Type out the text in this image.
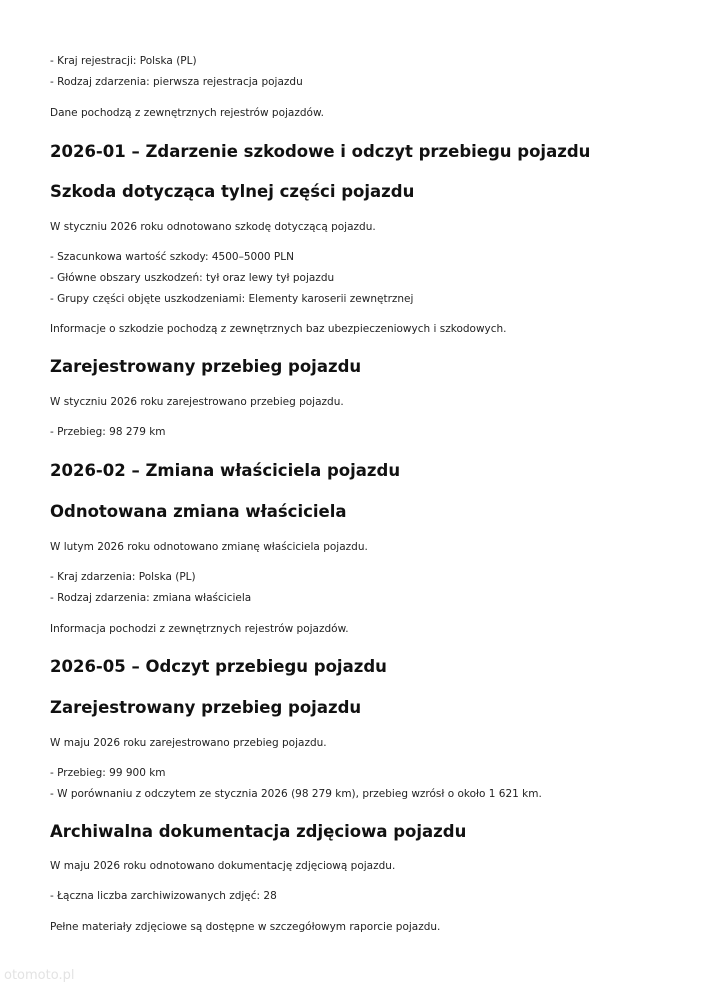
- Kraj rejestracji: Polska (PL)

- Rodzaj zdarzenia: pierwsza rejestracja pojazdu

Dane pochodzą z zewnętrznych rejestrów pojazdów.

2026-01 – Zdarzenie szkodowe i odczyt przebiegu pojazdu
Szkoda dotycząca tylnej części pojazdu

W styczniu 2026 roku odnotowano szkodę dotyczącą pojazdu.

- Szacunkowa wartość szkody: 4500–5000 PLN

- Główne obszary uszkodzeń: tył oraz lewy tył pojazdu

- Grupy części objęte uszkodzeniami: Elementy karoserii zewnętrznej

Informacje o szkodzie pochodzą z zewnętrznych baz ubezpieczeniowych i szkodowych.

Zarejestrowany przebieg pojazdu

W styczniu 2026 roku zarejestrowano przebieg pojazdu.

- Przebieg: 98 279 km

2026-02 – Zmiana właściciela pojazdu
Odnotowana zmiana właściciela

W lutym 2026 roku odnotowano zmianę właściciela pojazdu.

- Kraj zdarzenia: Polska (PL)

- Rodzaj zdarzenia: zmiana właściciela

Informacja pochodzi z zewnętrznych rejestrów pojazdów.

2026-05 – Odczyt przebiegu pojazdu
Zarejestrowany przebieg pojazdu

W maju 2026 roku zarejestrowano przebieg pojazdu.

- Przebieg: 99 900 km

- W porównaniu z odczytem ze stycznia 2026 (98 279 km), przebieg wzrósł o około 1 621 km.

Archiwalna dokumentacja zdjęciowa pojazdu

W maju 2026 roku odnotowano dokumentację zdjęciową pojazdu.

- Łączna liczba zarchiwizowanych zdjęć: 28

Pełne materiały zdjęciowe są dostępne w szczegółowym raporcie pojazdu.

otomoto.pl
